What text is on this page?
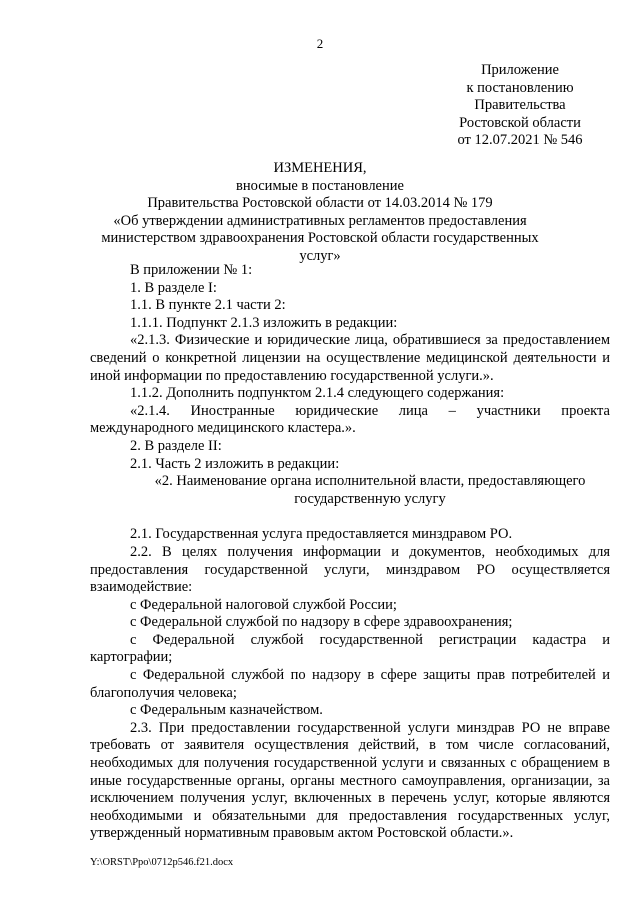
2
Приложение
к постановлению
Правительства
Ростовской области
от 12.07.2021 № 546
ИЗМЕНЕНИЯ,
вносимые в постановление
Правительства Ростовской области от 14.03.2014 № 179
«Об утверждении административных регламентов предоставления
министерством здравоохранения Ростовской области государственных услуг»

В приложении № 1:

1. В разделе I:

1.1. В пункте 2.1 части 2:

1.1.1. Подпункт 2.1.3 изложить в редакции:

«2.1.3. Физические и юридические лица, обратившиеся за предоставлением сведений о конкретной лицензии на осуществление медицинской деятельности и иной информации по предоставлению государственной услуги.».

1.1.2. Дополнить подпунктом 2.1.4 следующего содержания:

«2.1.4. Иностранные юридические лица – участники проекта международного медицинского кластера.».

2. В разделе II:

2.1. Часть 2 изложить в редакции:

«2. Наименование органа исполнительной власти, предоставляющего государственную услугу

2.1. Государственная услуга предоставляется минздравом РО.

2.2. В целях получения информации и документов, необходимых для предоставления государственной услуги, минздравом РО осуществляется взаимодействие:

с Федеральной налоговой службой России;

с Федеральной службой по надзору в сфере здравоохранения;

с Федеральной службой государственной регистрации кадастра и картографии;

с Федеральной службой по надзору в сфере защиты прав потребителей и благополучия человека;

с Федеральным казначейством.

2.3. При предоставлении государственной услуги минздрав РО не вправе требовать от заявителя осуществления действий, в том числе согласований, необходимых для получения государственной услуги и связанных с обращением в иные государственные органы, органы местного самоуправления, организации, за исключением получения услуг, включенных в перечень услуг, которые являются необходимыми и обязательными для предоставления государственных услуг, утвержденный нормативным правовым актом Ростовской области.».

Y:\ORST\Ppo\0712p546.f21.docx
